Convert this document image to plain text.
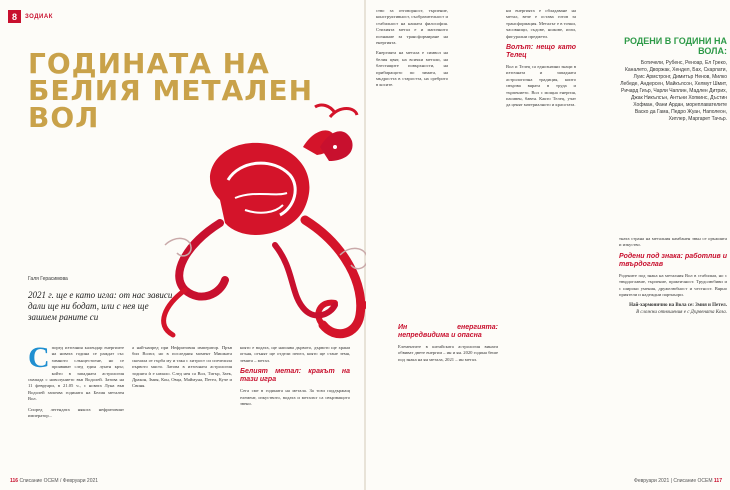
8	ЗОДИАК
ГОДИНАТА НА
БЕЛИЯ МЕТАЛЕН
ВОЛ
Галя Герасимова
2021 г. ще е като игла: от нас зависи дали ще ни бодат, или с нея ще зашием раните си
С поред източния календар енергиите на новата година се раждат със зимното слънцестоене, но се проявяват след един лунен кръг, който в западната астрология съвпада с новолунието във Водолей. Затова на 11 февруари, в 21.05 ч., с новата Луна във Водолей започва годината на Белия метален Вол.
Според легендата някога нефритовият император...
а най-напред при Нефритовия император. Пръв бил Волът, но в последния момент Мишката скочила от гърба му и така с хитрост си спечелила първото място. Затова в източната астрология зодията ѝ е начало. След нея са Вол, Тигър, Заек, Дракон, Змия, Кон, Овца, Маймуна, Петел, Куче и Свиня.
която е водата, ще напоява дървото, дървото ще храни огъня, огънят ще отдели пепел, която ще стане земя, земята – метал.
Белият метал: кракът на тази игра
Сега сме в годината на метала. За този поддържащ елемент, изкуството, водата и металът са свързващото звено.
116 Списание ОСЕМ / Февруари 2021
ство за отговорност, търпение, конструктивност, съобразителност и стабилност на нашата философия. Стихията метал е и магичното познание за трансформиране на енергията.
Енергията на метала е символ на белия цвят, на всички метали, на блестящите повърхности, на прибиращото по зимата, на мъдростта в старостта, на среброто в косите.
ни енергията е обладаване на метал, вече е остава готов за трансформация. Металът е в точки, часовници, съдове, ножове, игли, фигурални предмети.
Волът: нещо като Телец
Вол и Телец са еднозначни знаци в източната и западната астрологична традиция, които свързва вярата в труда и търпението. Вол с мощна енергия, пасивен, бавен. Както Телец, учат да ценят материалното и красотата.
Ин енергията: непредвидима и опасна
Елементите в китайската астрология винаги обвиват двете енергии – ин и ян. 2020 година беше под знака на ян метала, 2021 – ин метал.
РОДЕНИ В ГОДИНИ НА ВОЛА:
Ботичели, Рубенс, Реноар, Ел Греко, Каналето, Дворжак, Хендел, Бах, Скарлати, Луис Армстронг, Димитър Ненов, Милко Лебеде, Андерсен, Майкълсон, Хелмут Шмит, Ричард Гиър, Чарли Чаплин, Мадлен Дитрих, Джак Никълсън, Антъни Хопкинс, Дъстин Хофман, Фани Ардан, мореплавателите Васко да Гама, Педро Жуан, Наполеон, Хитлер, Маргарет Тачър.
тната страна на металния камбанен звън се оръжията и изкуство.
Родени под знака: работлив и твърдоглав
Родените под знака на металния Вол в стабилни, но с твърдоглавие, търпение, практичност. Трудолюбиви и с широки умения, дружелюбност и честност. Вярно приятели и надеждни партньори.
Най-хармонично на Вола се: Змия и Петел.
В сложни отношения е с Дървената Коза.
Февруари 2021 | Списание ОСЕМ 117
